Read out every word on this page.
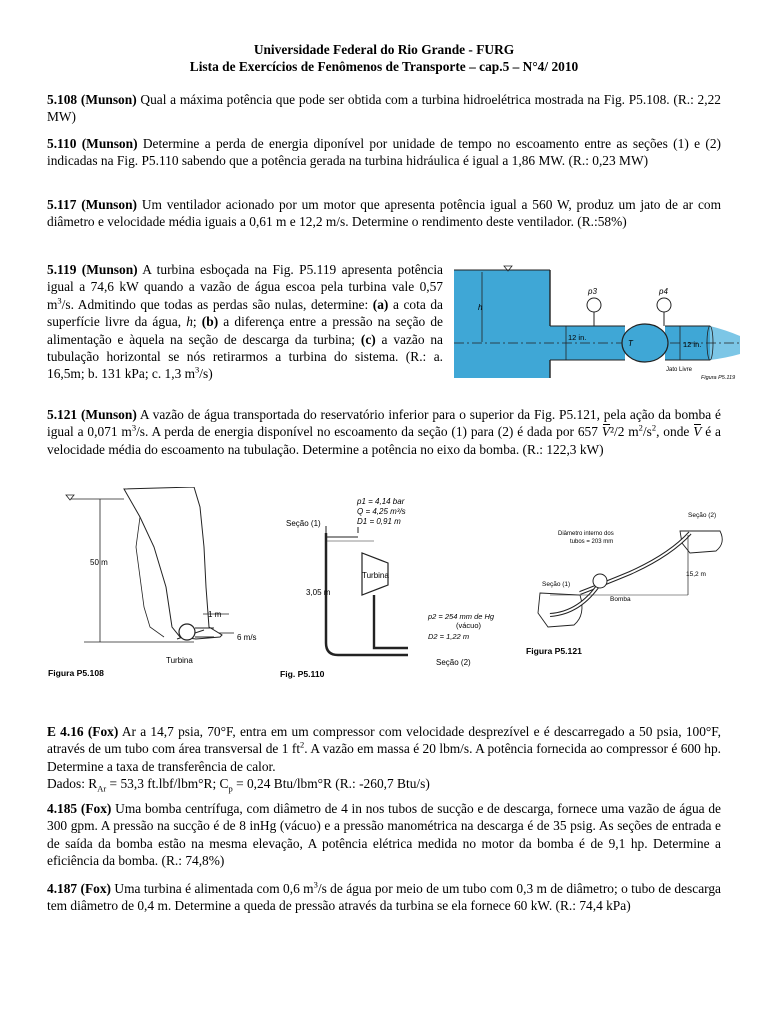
Universidade Federal do Rio Grande - FURG
Lista de Exercícios de Fenômenos de Transporte – cap.5 – N°4/ 2010

5.108 (Munson) Qual a máxima potência que pode ser obtida com a turbina hidroelétrica mostrada na Fig. P5.108. (R.: 2,22 MW)

5.110 (Munson) Determine a perda de energia diponível por unidade de tempo no escoamento entre as seções (1) e (2) indicadas na Fig. P5.110 sabendo que a potência gerada na turbina hidráulica é igual a 1,86 MW. (R.: 0,23 MW)

5.117 (Munson) Um ventilador acionado por um motor que apresenta potência igual a 560 W, produz um jato de ar com diâmetro e velocidade média iguais a 0,61 m e 12,2 m/s. Determine o rendimento deste ventilador. (R.:58%)

5.119 (Munson) A turbina esboçada na Fig. P5.119 apresenta potência igual a 74,6 kW quando a vazão de água escoa pela turbina vale 0,57 $m^3/s$. Admitindo que todas as perdas são nulas, determine: (a) a cota da superfície livre da água, h; (b) a diferença entre a pressão na seção de alimentação e àquela na seção de descarga da turbina; (c) a vazão na tubulação horizontal se nós retirarmos a turbina do sistema. (R.: a. 16,5m; b. 131 kPa; c. 1,3 $m^3/s$)

p3	p4
h
12 in.
T	12 in.
Jato Livre
Figura P5.119

5.121 (Munson) A vazão de água transportada do reservatório inferior para o superior da Fig. P5.121, pela ação da bomba é igual a 0,071 $m^3/s$. A perda de energia disponível no escoamento da seção (1) para (2) é dada por 657 V²/2 $m^2/s^2$, onde V é a velocidade média do escoamento na tubulação. Determine a potência no eixo da bomba. (R.: 122,3 kW)

50 m
1 m
6 m/s
Turbina
Figura P5.108
p1 = 4,14 bar
Q = 4,25 m³/s
D1 = 0,91 m
Seção (1)
Turbina
3,05 m
p2 = 254 mm de Hg
(vácuo)
D2 = 1,22 m
Seção (2)
Fig. P5.110
Seção (2)
Diâmetro interno dos
tubos = 203 mm
15,2 m
Seção (1)
Bomba
Figura P5.121

E 4.16 (Fox) Ar a 14,7 psia, 70°F, entra em um compressor com velocidade desprezível e é descarregado a 50 psia, 100°F, através de um tubo com área transversal de 1 $ft^2$. A vazão em massa é 20 lbm/s. A potência fornecida ao compressor é 600 hp. Determine a taxa de transferência de calor.
Dados: $R_{Ar} = 53,3$ ft.lbf/lbm°R; $C_p = 0,24$ Btu/lbm°R (R.: -260,7 Btu/s)

4.185 (Fox) Uma bomba centrífuga, com diâmetro de 4 in nos tubos de sucção e de descarga, fornece uma vazão de água de 300 gpm. A pressão na sucção é de 8 inHg (vácuo) e a pressão manométrica na descarga é de 35 psig. As seções de entrada e de saída da bomba estão na mesma elevação, A potência elétrica medida no motor da bomba é de 9,1 hp. Determine a eficiência da bomba. (R.: 74,8%)

4.187 (Fox) Uma turbina é alimentada com 0,6 $m^3/s$ de água por meio de um tubo com 0,3 m de diâmetro; o tubo de descarga tem diâmetro de 0,4 m. Determine a queda de pressão através da turbina se ela fornece 60 kW. (R.: 74,4 kPa)
